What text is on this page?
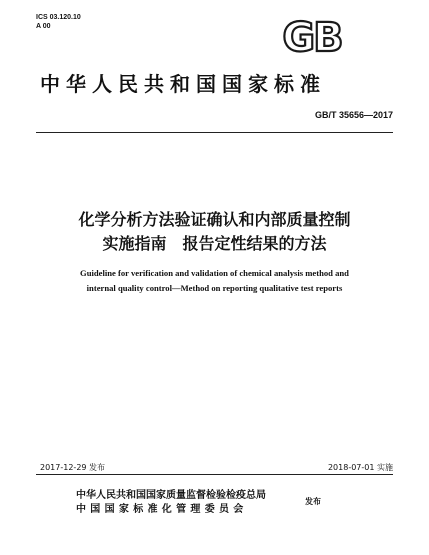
ICS 03.120.10
A 00	GB
中华人民共和国国家标准
GB/T 35656—2017
化学分析方法验证确认和内部质量控制
实施指南　报告定性结果的方法
Guideline for verification and validation of chemical analysis method and
internal quality control—Method on reporting qualitative test reports
2017-12-29 发布	2018-07-01 实施
中华人民共和国国家质量监督检验检疫总局
中国国家标准化管理委员会
发布
